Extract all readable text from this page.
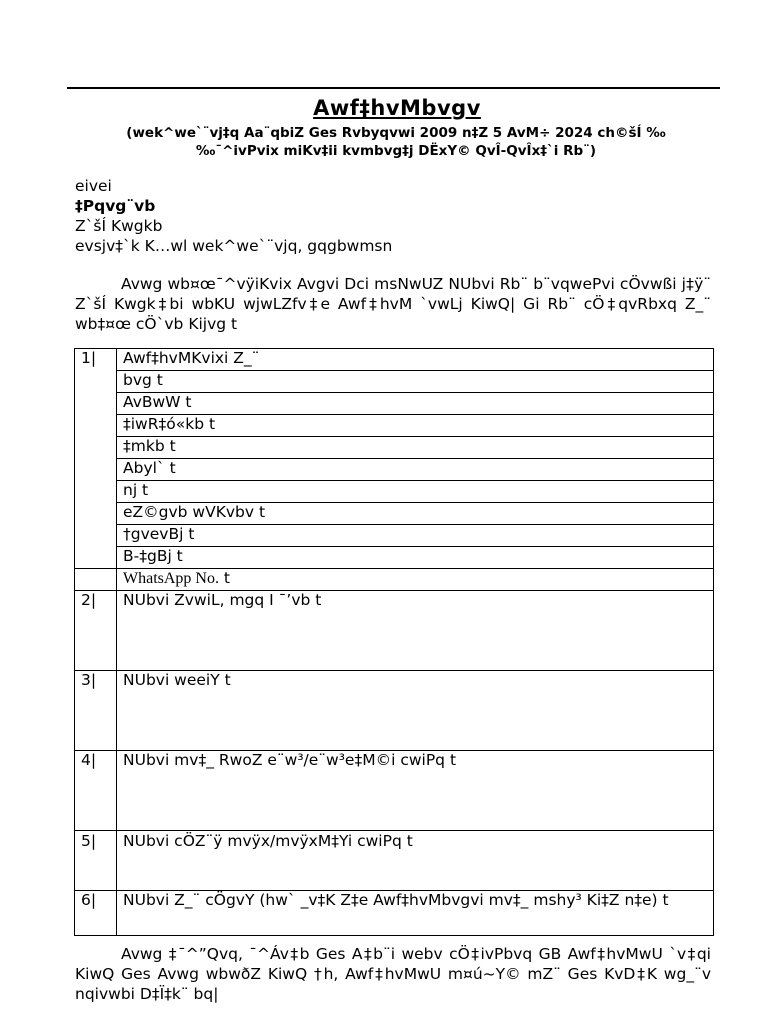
Awf‡hvMbvgv
(wek^we`¨vj‡q Aa¨qbiZ Ges Rvbyqvwi 2009 n‡Z 5 AvM÷ 2024 ch©šÍ ‰‰¯^ivPvix miKv‡ii kvmbvg‡j DËxY© QvÎ-QvÎx‡`i Rb¨)
eivei
‡Pqvg¨vb
Z`šÍ Kwgkb
evsjv‡`k K…wl wek^we`¨vjq, gqgbwmsn
Avwg wb¤œ¯^vÿiKvix Avgvi Dci msNwUZ NUbvi Rb¨ b¨vqwePvi cÖvwßi j‡ÿ¨ Z`šÍ Kwgk‡bi wbKU wjwLZfv‡e Awf‡hvM `vwLj KiwQ| Gi Rb¨ cÖ‡qvRbxq Z_¨ wb‡¤œ cÖ`vb Kijvg t
1|	Awf‡hvMKvixi Z_¨
	bvg t
	AvBwW t
	‡iwR‡ó«kb t
	‡mkb t
	Abyl` t
	nj t
	eZ©gvb wVKvbv t
	†gvevBj t
	B-‡gBj t
	WhatsApp No. t
2|	NUbvi ZvwiL, mgq I ¯’vb t
3|	NUbvi weeiY t
4|	NUbvi mv‡_ RwoZ e¨w³/e¨w³e‡M©i cwiPq t
5|	NUbvi cÖZ¨ÿ mvÿx/mvÿxM‡Yi cwiPq t
6|	NUbvi Z_¨ cÖgvY (hw` _v‡K Z‡e Awf‡hvMbvgvi mv‡_ mshy³ Ki‡Z n‡e) t
Avwg ‡¯^”Qvq, ¯^Áv‡b Ges A‡b¨i webv cÖ‡ivPbvq GB Awf‡hvMwU `v‡qi KiwQ Ges Avwg wbwðZ KiwQ †h, Awf‡hvMwU m¤ú~Y© mZ¨ Ges KvD‡K wg_¨v nqivwbi D‡Ï‡k¨ bq|
